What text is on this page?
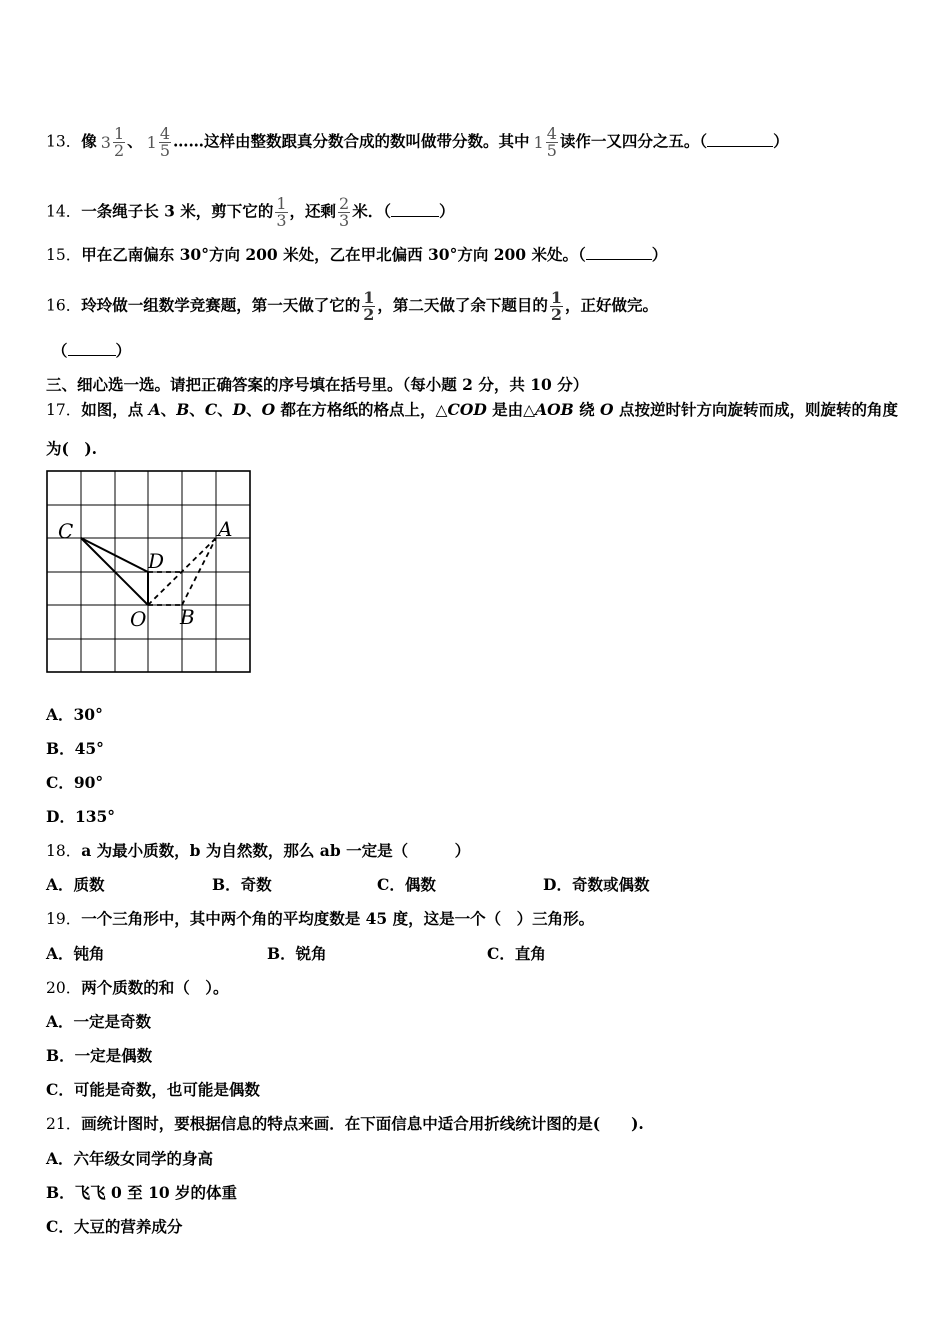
13．像 $3 \frac{1}{2}$ 、 $1 \frac{4}{5}$ ……这样由整数跟真分数合成的数叫做带分数。其中 $1 \frac{4}{5}$ 读作一又四分之五。（	）
14．一条绳子长 3 米，剪下它的 $\frac{1}{3}$ ，还剩 $\frac{2}{3}$ 米．（	）
15．甲在乙南偏东 30°方向 200 米处，乙在甲北偏西 30°方向 200 米处。（	）
16．玲玲做一组数学竞赛题，第一天做了它的 $\frac{1}{2}$ ，第二天做了余下题目的 $\frac{1}{2}$ ，正好做完。
（	）
三、细心选一选。请把正确答案的序号填在括号里。（每小题 2 分，共 10 分）
17．如图，点 A、B、C、D、O 都在方格纸的格点上，△COD 是由△AOB 绕 O 点按逆时针方向旋转而成，则旋转的角度
为(　).
C	A
D
O B
A．30°
B．45°
C．90°
D．135°
18．a 为最小质数，b 为自然数，那么 ab 一定是（　　　）
A．质数	B．奇数	C．偶数	D．奇数或偶数
19．一个三角形中，其中两个角的平均度数是 45 度，这是一个（　）三角形。
A．钝角	B．锐角	C．直角
20．两个质数的和（　）。
A．一定是奇数
B．一定是偶数
C．可能是奇数，也可能是偶数
21．画统计图时，要根据信息的特点来画．在下面信息中适合用折线统计图的是(　　).
A．六年级女同学的身高
B．飞飞 0 至 10 岁的体重
C．大豆的营养成分
